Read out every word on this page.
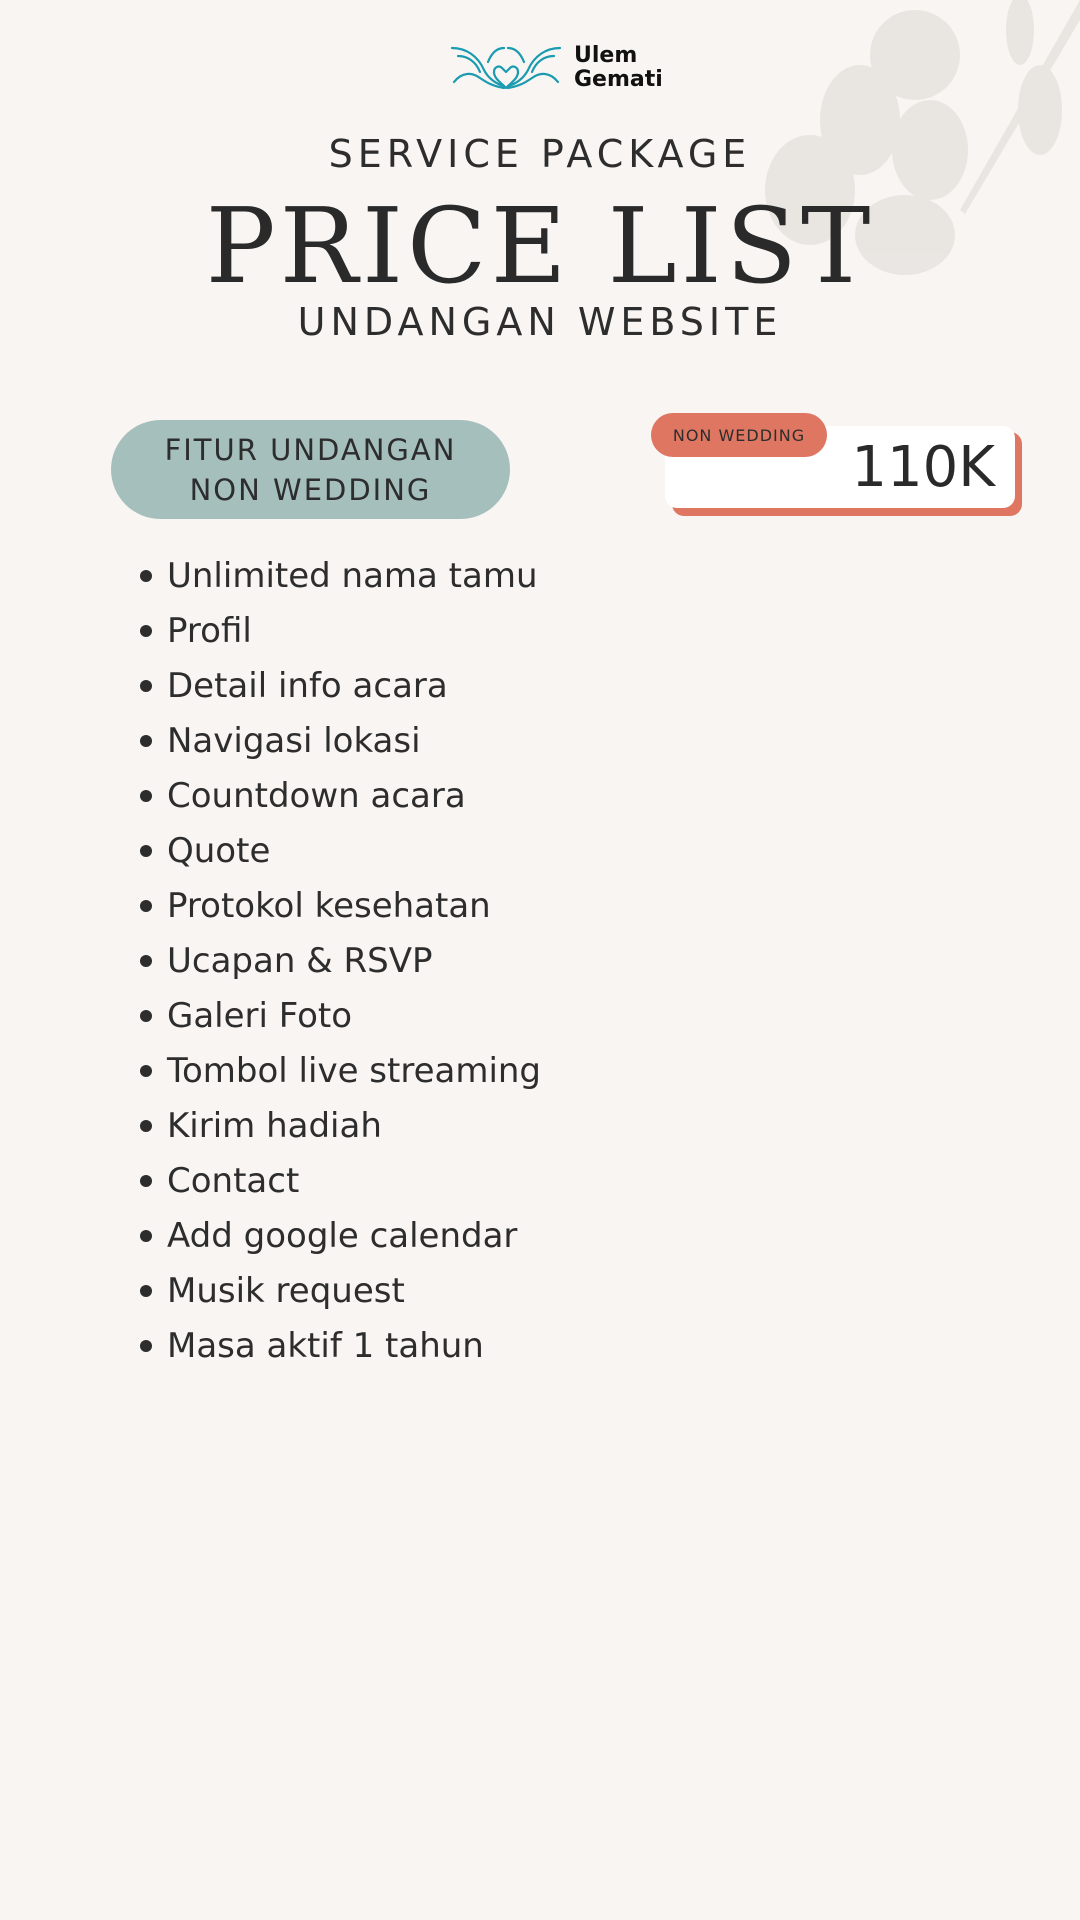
Ulem
Gemati
SERVICE PACKAGE
PRICE LIST
UNDANGAN WEBSITE
FITUR UNDANGAN
NON WEDDING	110K
NON WEDDING
Unlimited nama tamu
Profil
Detail info acara
Navigasi lokasi
Countdown acara
Quote
Protokol kesehatan
Ucapan & RSVP
Galeri Foto
Tombol live streaming
Kirim hadiah
Contact
Add google calendar
Musik request
Masa aktif 1 tahun
